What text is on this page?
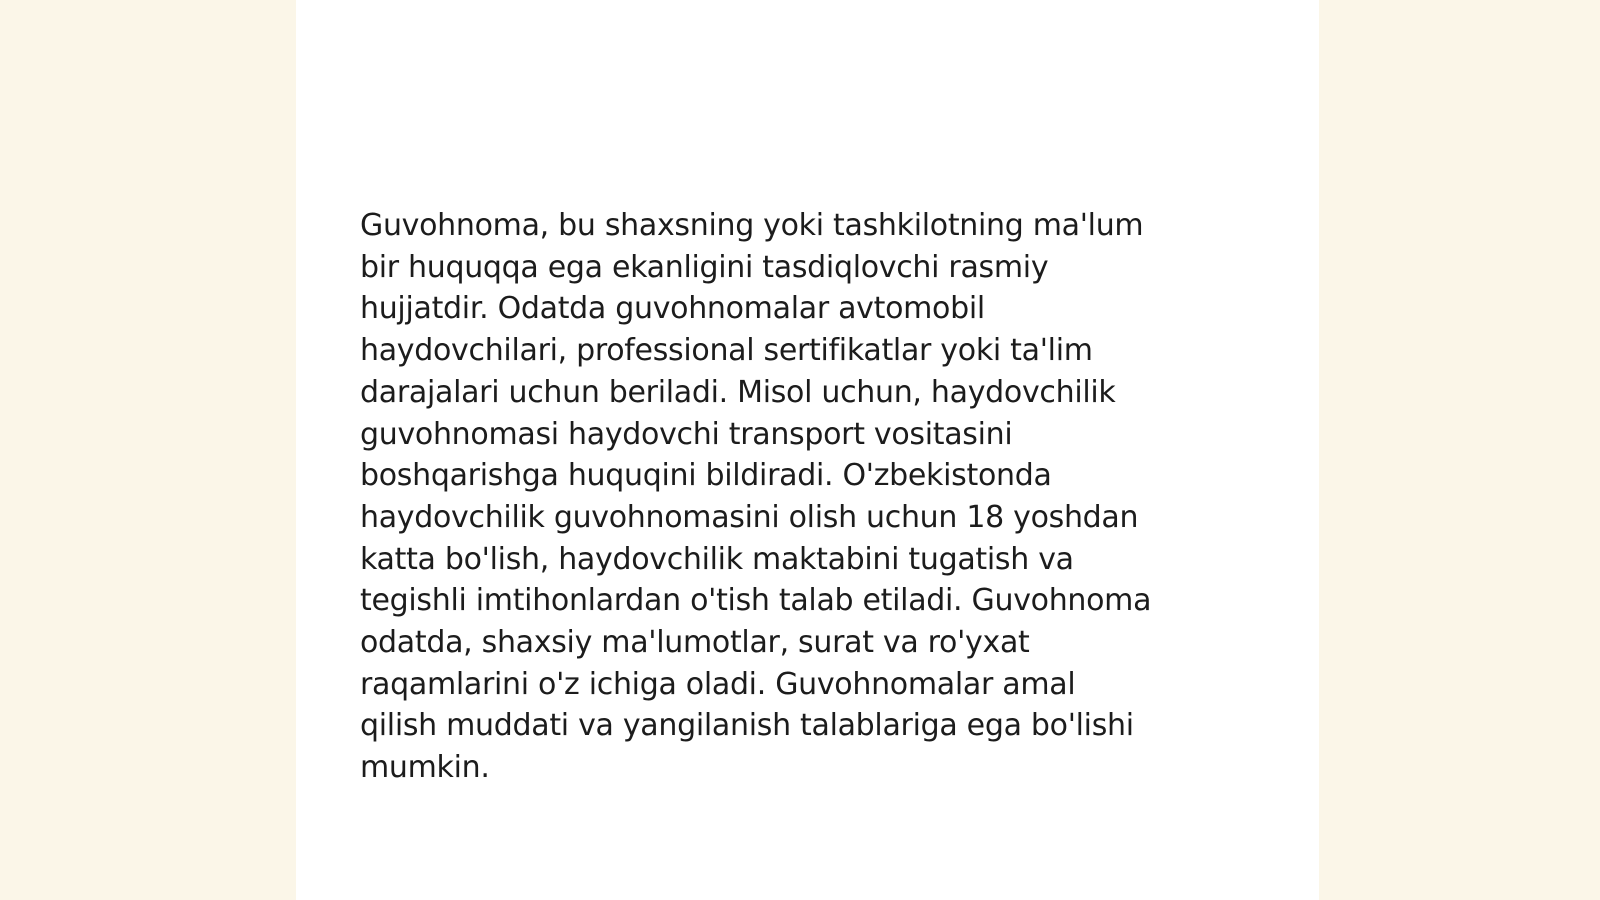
Guvohnoma, bu shaxsning yoki tashkilotning ma'lum
bir huquqqa ega ekanligini tasdiqlovchi rasmiy
hujjatdir. Odatda guvohnomalar avtomobil
haydovchilari, professional sertifikatlar yoki ta'lim
darajalari uchun beriladi. Misol uchun, haydovchilik
guvohnomasi haydovchi transport vositasini
boshqarishga huquqini bildiradi. O'zbekistonda
haydovchilik guvohnomasini olish uchun 18 yoshdan
katta bo'lish, haydovchilik maktabini tugatish va
tegishli imtihonlardan o'tish talab etiladi. Guvohnoma
odatda, shaxsiy ma'lumotlar, surat va ro'yxat
raqamlarini o'z ichiga oladi. Guvohnomalar amal
qilish muddati va yangilanish talablariga ega bo'lishi
mumkin.
